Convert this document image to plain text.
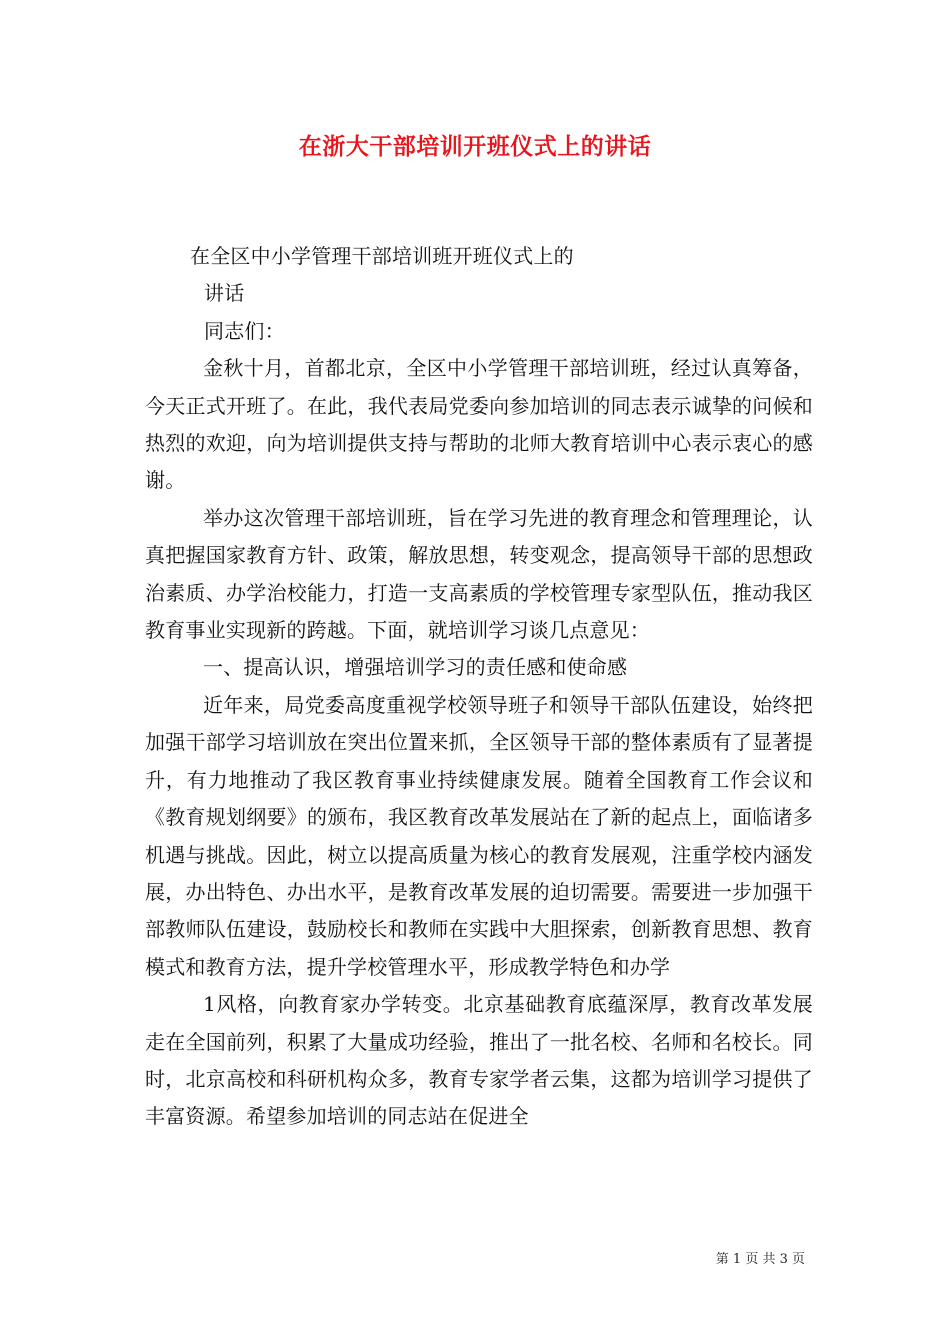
在浙大干部培训开班仪式上的讲话

在全区中小学管理干部培训班开班仪式上的

讲话

同志们：

金秋十月，首都北京，全区中小学管理干部培训班，经过认真筹备，今天正式开班了。在此，我代表局党委向参加培训的同志表示诚挚的问候和热烈的欢迎，向为培训提供支持与帮助的北师大教育培训中心表示衷心的感谢。

举办这次管理干部培训班，旨在学习先进的教育理念和管理理论，认真把握国家教育方针、政策，解放思想，转变观念，提高领导干部的思想政治素质、办学治校能力，打造一支高素质的学校管理专家型队伍，推动我区教育事业实现新的跨越。下面，就培训学习谈几点意见：

一、提高认识，增强培训学习的责任感和使命感

近年来，局党委高度重视学校领导班子和领导干部队伍建设，始终把加强干部学习培训放在突出位置来抓，全区领导干部的整体素质有了显著提升，有力地推动了我区教育事业持续健康发展。随着全国教育工作会议和《教育规划纲要》的颁布，我区教育改革发展站在了新的起点上，面临诸多机遇与挑战。因此，树立以提高质量为核心的教育发展观，注重学校内涵发展，办出特色、办出水平，是教育改革发展的迫切需要。需要进一步加强干部教师队伍建设，鼓励校长和教师在实践中大胆探索，创新教育思想、教育模式和教育方法，提升学校管理水平，形成教学特色和办学

1风格，向教育家办学转变。北京基础教育底蕴深厚，教育改革发展走在全国前列，积累了大量成功经验，推出了一批名校、名师和名校长。同时，北京高校和科研机构众多，教育专家学者云集，这都为培训学习提供了丰富资源。希望参加培训的同志站在促进全

第 1 页 共 3 页
